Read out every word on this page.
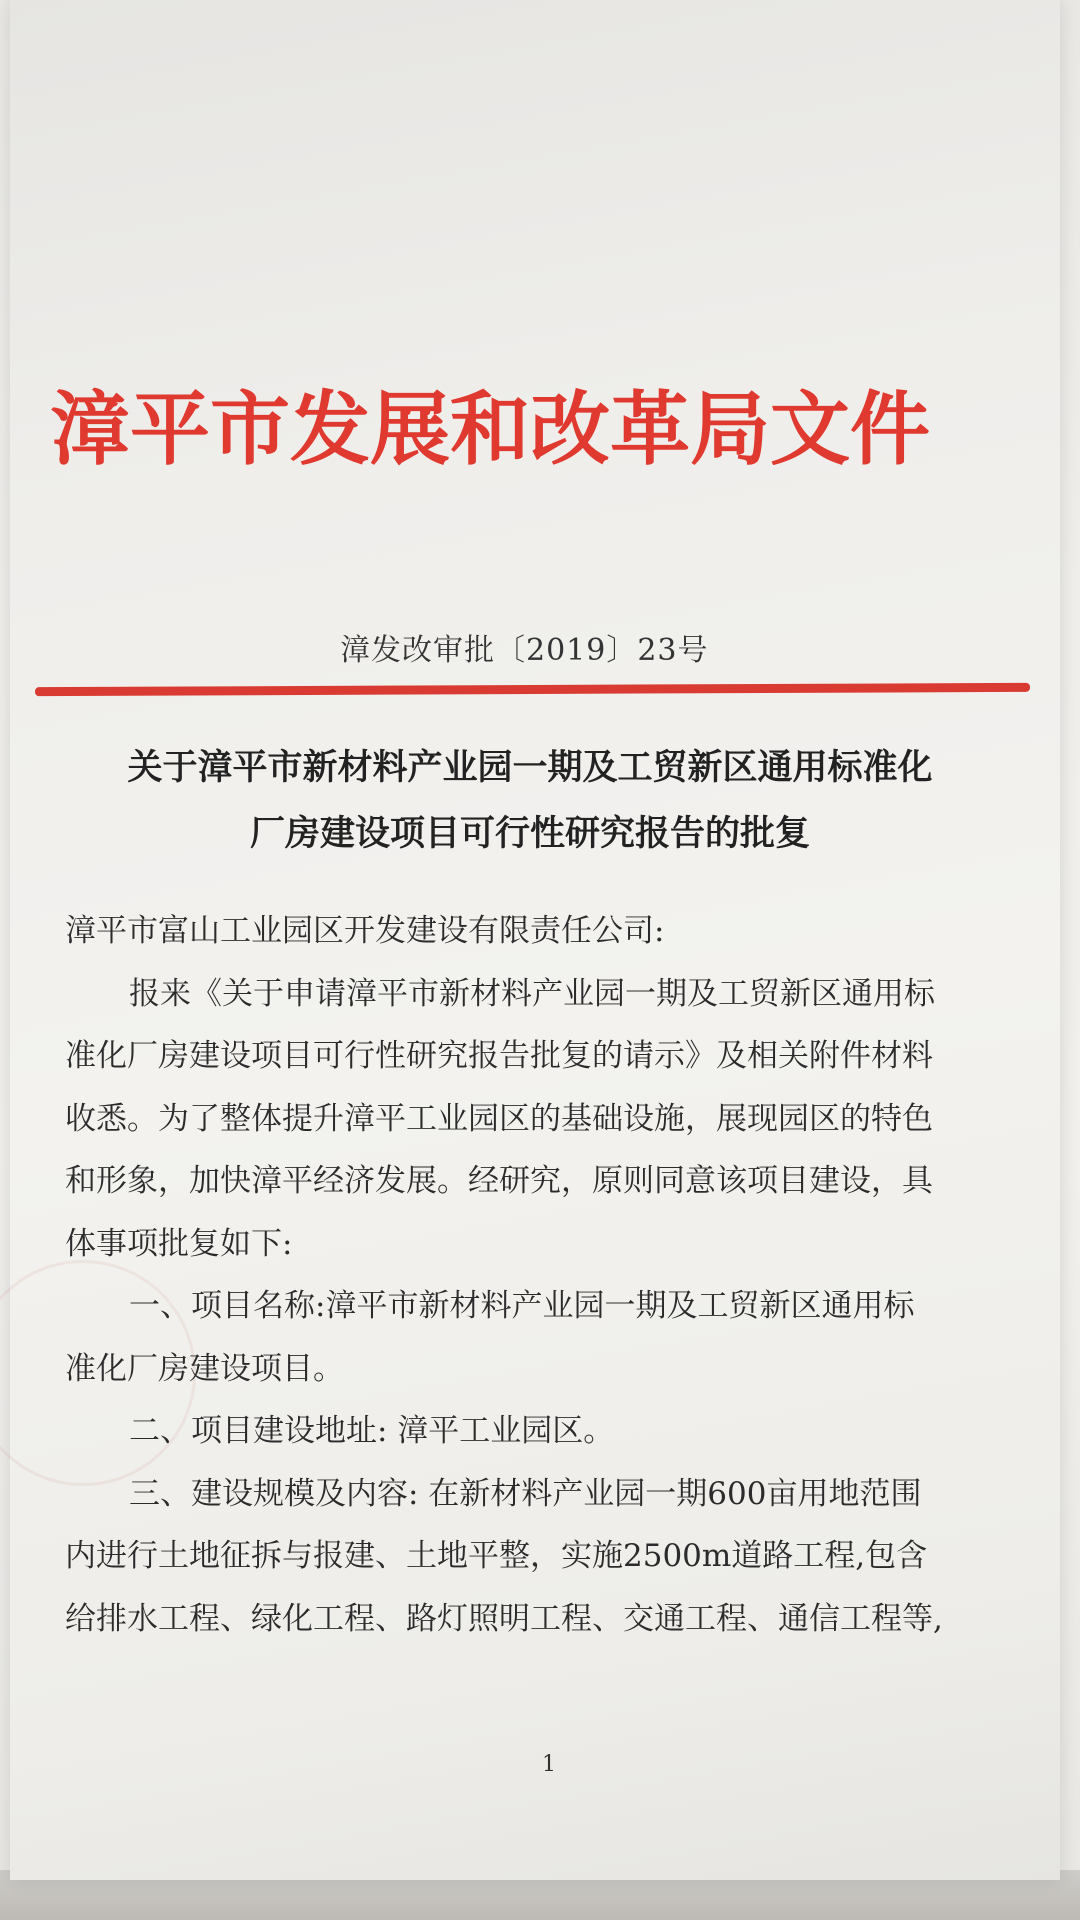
漳平市发展和改革局文件
漳发改审批〔2019〕23号
关于漳平市新材料产业园一期及工贸新区通用标准化
厂房建设项目可行性研究报告的批复
漳平市富山工业园区开发建设有限责任公司:
报来《关于申请漳平市新材料产业园一期及工贸新区通用标
准化厂房建设项目可行性研究报告批复的请示》及相关附件材料
收悉。为了整体提升漳平工业园区的基础设施，展现园区的特色
和形象，加快漳平经济发展。经研究，原则同意该项目建设，具
体事项批复如下:
一、项目名称:漳平市新材料产业园一期及工贸新区通用标
准化厂房建设项目。
二、项目建设地址: 漳平工业园区。
三、建设规模及内容: 在新材料产业园一期600亩用地范围
内进行土地征拆与报建、土地平整，实施2500m道路工程,包含
给排水工程、绿化工程、路灯照明工程、交通工程、通信工程等,
1
